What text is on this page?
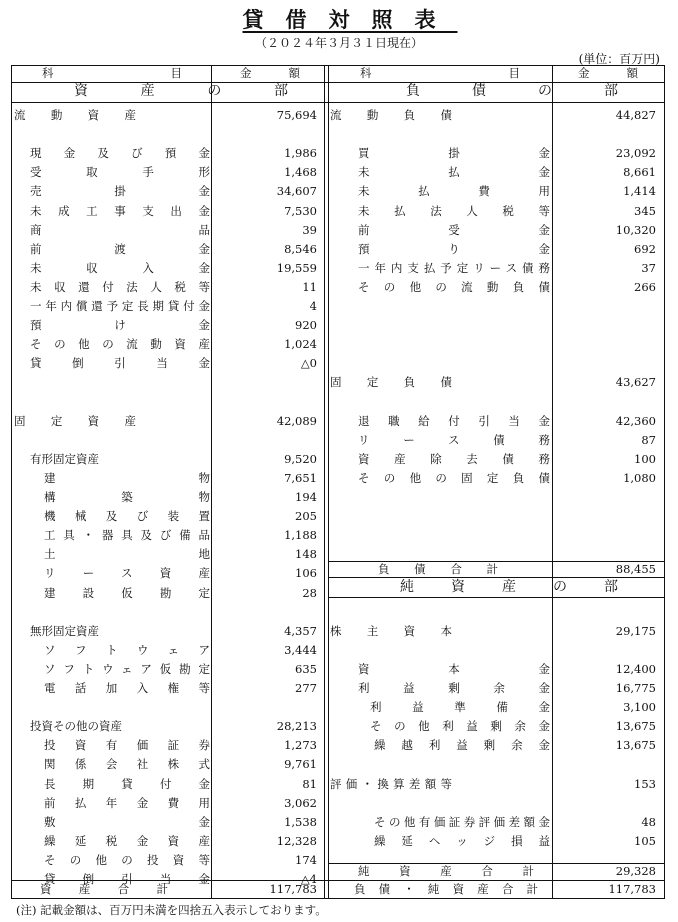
貸借対照表
（２０２４年３月３１日現在）
(単位：百万円)
科目	金額	科目	金額
資産の部	負債の部
純資産の部
負債合計	88,455
純資産合計	29,328
資産合計	117,783	負債・純資産合計	117,783
流動資産	75,694
現金及び預金	1,986
受取手形	1,468
売掛金	34,607
未成工事支出金	7,530
商品	39
前渡金	8,546
未収入金	19,559
未収還付法人税等	11
一年内償還予定長期貸付金	4
預け金	920
その他の流動資産	1,024
貸倒引当金	△0
固定資産	42,089
有形固定資産	9,520
建物	7,651
構築物	194
機械及び装置	205
工具・器具及び備品	1,188
土地	148
リース資産	106
建設仮勘定	28
無形固定資産	4,357
ソフトウェア	3,444
ソフトウェア仮勘定	635
電話加入権等	277
投資その他の資産	28,213
投資有価証券	1,273
関係会社株式	9,761
長期貸付金	81
前払年金費用	3,062
敷金	1,538
繰延税金資産	12,328
その他の投資等	174
貸倒引当金	△4
流動負債	44,827
買掛金	23,092
未払金	8,661
未払費用	1,414
未払法人税等	345
前受金	10,320
預り金	692
一年内支払予定リース債務	37
その他の流動負債	266
固定負債	43,627
退職給付引当金	42,360
リース債務	87
資産除去債務	100
その他の固定負債	1,080
株主資本	29,175
資本金	12,400
利益剰余金	16,775
利益準備金	3,100
その他利益剰余金	13,675
繰越利益剰余金	13,675
評価・換算差額等	153
その他有価証券評価差額金	48
繰延ヘッジ損益	105
(注) 記載金額は、百万円未満を四捨五入表示しております。
